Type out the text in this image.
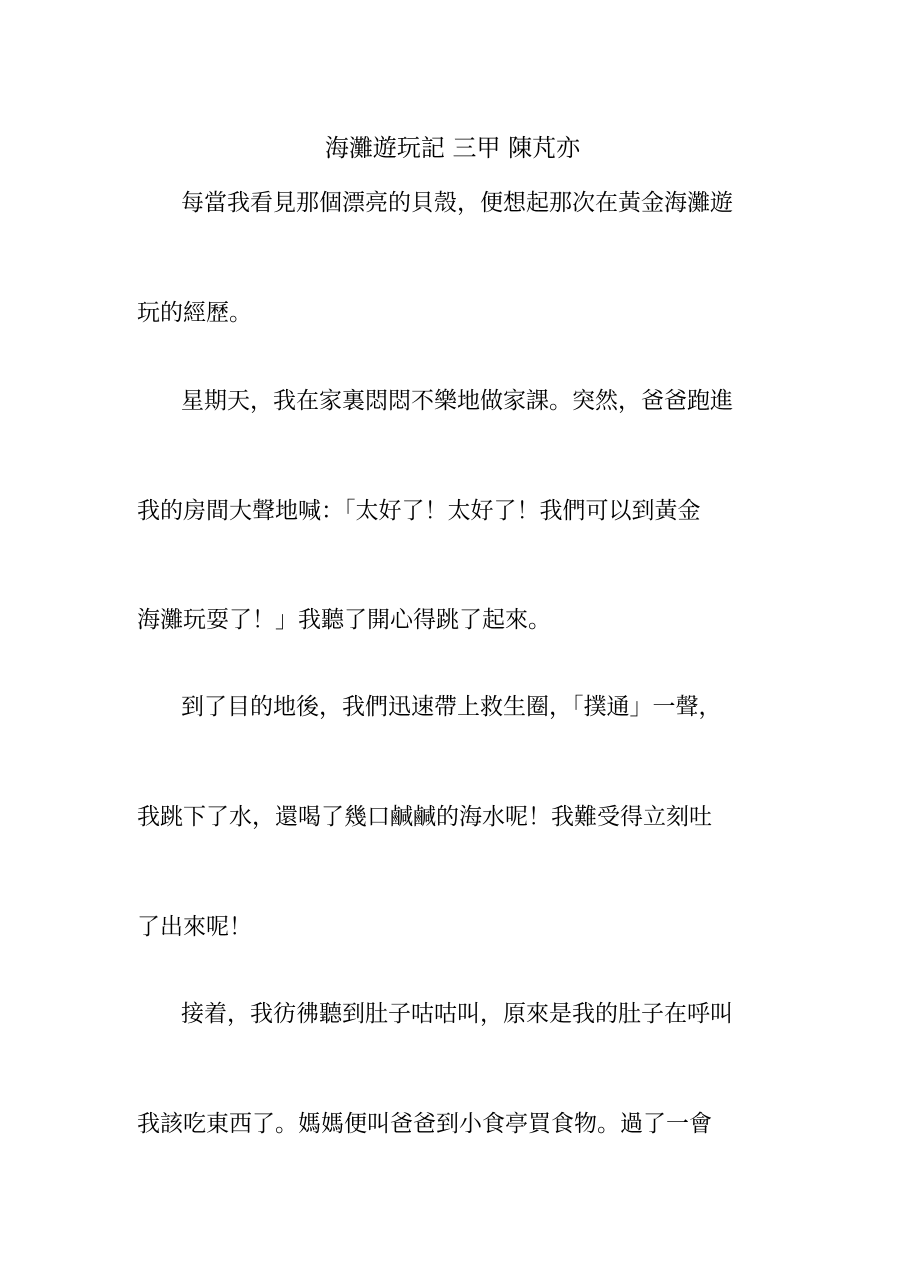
海灘遊玩記 三甲 陳芃亦
每當我看見那個漂亮的貝殼，便想起那次在黃金海灘遊
玩的經歷。
星期天，我在家裏悶悶不樂地做家課。突然，爸爸跑進
我的房間大聲地喊：「太好了！太好了！我們可以到黃金
海灘玩耍了！」我聽了開心得跳了起來。
到了目的地後，我們迅速帶上救生圈，「撲通」一聲，
我跳下了水，還喝了幾口鹹鹹的海水呢！我難受得立刻吐
了出來呢！
接着，我彷彿聽到肚子咕咕叫，原來是我的肚子在呼叫
我該吃東西了。媽媽便叫爸爸到小食亭買食物。過了一會
